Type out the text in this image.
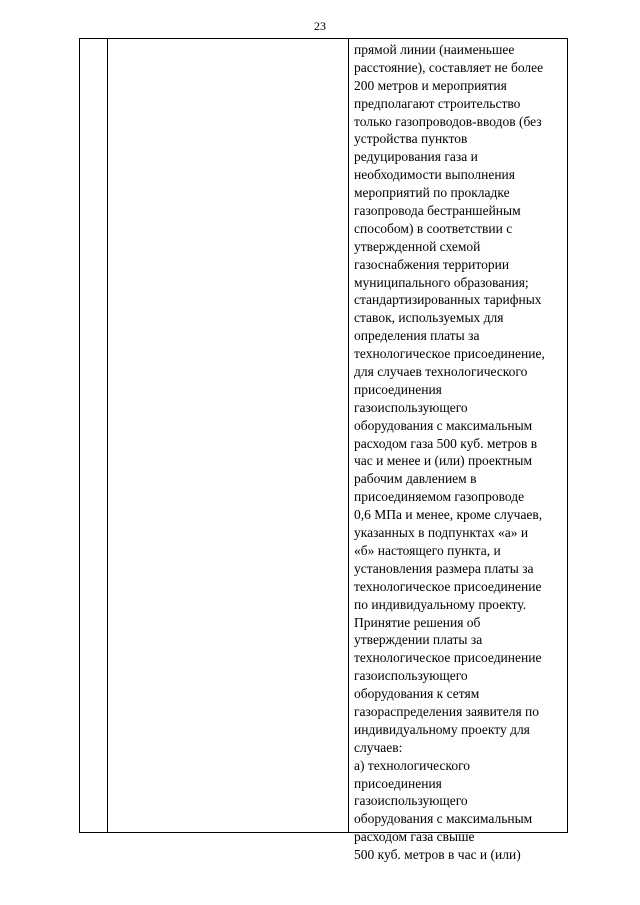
23
прямой линии (наименьшее
расстояние), составляет не более
200 метров и мероприятия
предполагают строительство
только газопроводов-вводов (без
устройства пунктов
редуцирования газа и
необходимости выполнения
мероприятий по прокладке
газопровода бестраншейным
способом) в соответствии с
утвержденной схемой
газоснабжения территории
муниципального образования;
стандартизированных тарифных
ставок, используемых для
определения платы за
технологическое присоединение,
для случаев технологического
присоединения
газоиспользующего
оборудования с максимальным
расходом газа 500 куб. метров в
час и менее и (или) проектным
рабочим давлением в
присоединяемом газопроводе
0,6 МПа и менее, кроме случаев,
указанных в подпунктах «а» и
«б» настоящего пункта, и
установления размера платы за
технологическое присоединение
по индивидуальному проекту.
Принятие решения об
утверждении платы за
технологическое присоединение
газоиспользующего
оборудования к сетям
газораспределения заявителя по
индивидуальному проекту для
случаев:
а) технологического
присоединения
газоиспользующего
оборудования с максимальным
расходом газа свыше
500 куб. метров в час и (или)
